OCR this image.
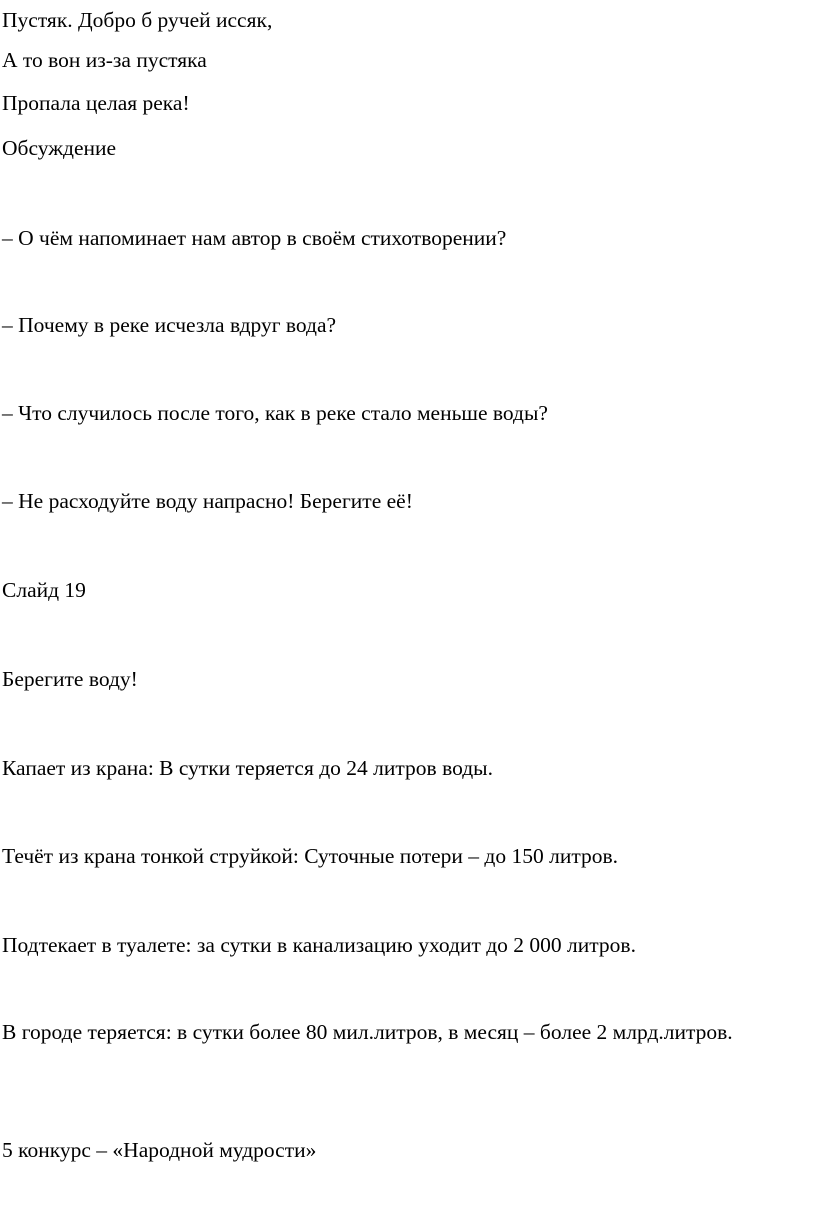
Пустяк. Добро б ручей иссяк,
А то вон из-за пустяка
Пропала целая река!
Обсуждение
– О чём напоминает нам автор в своём стихотворении?
– Почему в реке исчезла вдруг вода?
– Что случилось после того, как в реке стало меньше воды?
– Не расходуйте воду напрасно! Берегите её!
Слайд 19
Берегите воду!
Капает из крана: В сутки теряется до 24 литров воды.
Течёт из крана тонкой струйкой: Суточные потери – до 150 литров.
Подтекает в туалете: за сутки в канализацию уходит до 2 000 литров.
В городе теряется: в сутки более 80 мил.литров, в месяц – более 2 млрд.литров.
5 конкурс – «Народной мудрости»
